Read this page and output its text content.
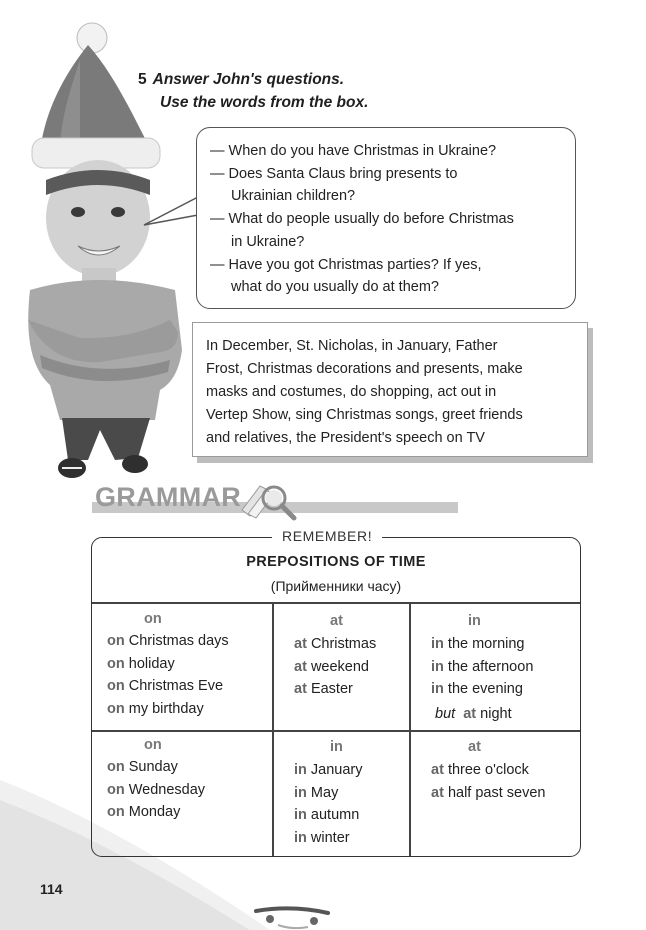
5 Answer John's questions.
Use the words from the box.
— When do you have Christmas in Ukraine?
— Does Santa Claus bring presents to
Ukrainian children?
— What do people usually do before Christmas
in Ukraine?
— Have you got Christmas parties? If yes,
what do you usually do at them?
In December, St. Nicholas, in January, Father
Frost, Christmas decorations and presents, make
masks and costumes, do shopping, act out in
Vertep Show, sing Christmas songs, greet friends
and relatives, the President's speech on TV
GRAMMAR
REMEMBER!
PREPOSITIONS OF TIME
(Прийменники часу)
on
on Christmas days
on holiday
on Christmas Eve
on my birthday
at
at Christmas
at weekend
at Easter
in
in the morning
in the afternoon
in the evening
but at night
on
on Sunday
on Wednesday
on Monday
in
in January
in May
in autumn
in winter
at
at three o'clock
at half past seven
114
